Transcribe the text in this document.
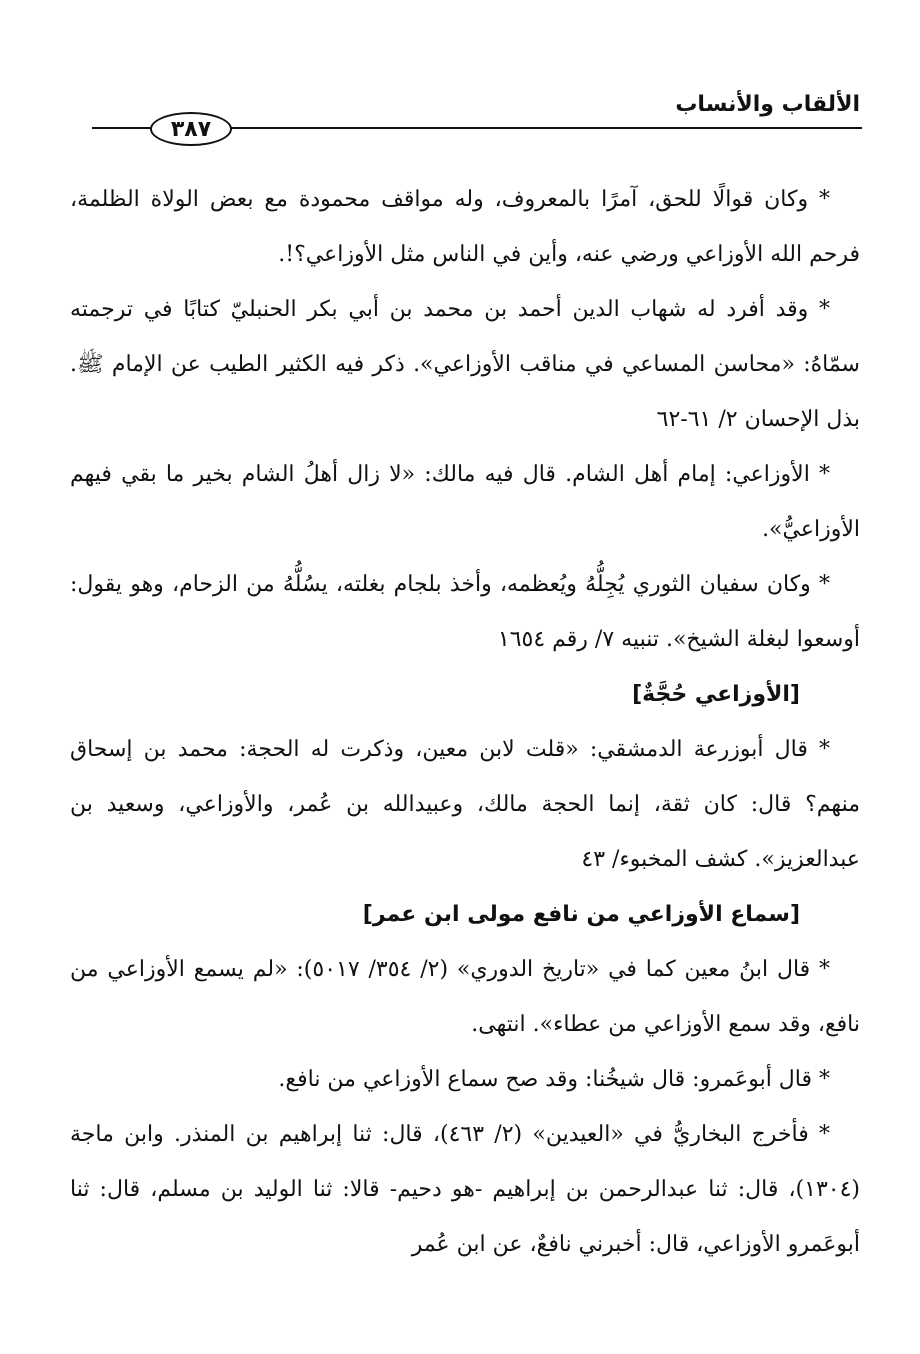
الألقاب والأنساب
٣٨٧

* وكان قوالًا للحق، آمرًا بالمعروف، وله مواقف محمودة مع بعض الولاة الظلمة، فرحم الله الأوزاعي ورضي عنه، وأين في الناس مثل الأوزاعي؟!.

* وقد أفرد له شهاب الدين أحمد بن محمد بن أبي بكر الحنبليّ كتابًا في ترجمته سمّاهُ: «محاسن المساعي في مناقب الأوزاعي». ذكر فيه الكثير الطيب عن الإمام ﷺ. بذل الإحسان ٢/ ٦١-٦٢

* الأوزاعي: إمام أهل الشام. قال فيه مالك: «لا زال أهلُ الشام بخير ما بقي فيهم الأوزاعيُّ».

* وكان سفيان الثوري يُجِلُّهُ ويُعظمه، وأخذ بلجام بغلته، يسُلُّهُ من الزحام، وهو يقول: أوسعوا لبغلة الشيخ». تنبيه ٧/ رقم ١٦٥٤

[الأوزاعي حُجَّةٌ]

* قال أبوزرعة الدمشقي: «قلت لابن معين، وذكرت له الحجة: محمد بن إسحاق منهم؟ قال: كان ثقة، إنما الحجة مالك، وعبيدالله بن عُمر، والأوزاعي، وسعيد بن عبدالعزيز». كشف المخبوء/ ٤٣

[سماع الأوزاعي من نافع مولى ابن عمر]

* قال ابنُ معين كما في «تاريخ الدوري» (٢/ ٣٥٤/ ٥٠١٧): «لم يسمع الأوزاعي من نافع، وقد سمع الأوزاعي من عطاء». انتهى.

* قال أبوعَمرو: قال شيخُنا: وقد صح سماع الأوزاعي من نافع.

* فأخرج البخاريُّ في «العيدين» (٢/ ٤٦٣)، قال: ثنا إبراهيم بن المنذر. وابن ماجة (١٣٠٤)، قال: ثنا عبدالرحمن بن إبراهيم -هو دحيم- قالا: ثنا الوليد بن مسلم، قال: ثنا أبوعَمرو الأوزاعي، قال: أخبرني نافعٌ، عن ابن عُمر
